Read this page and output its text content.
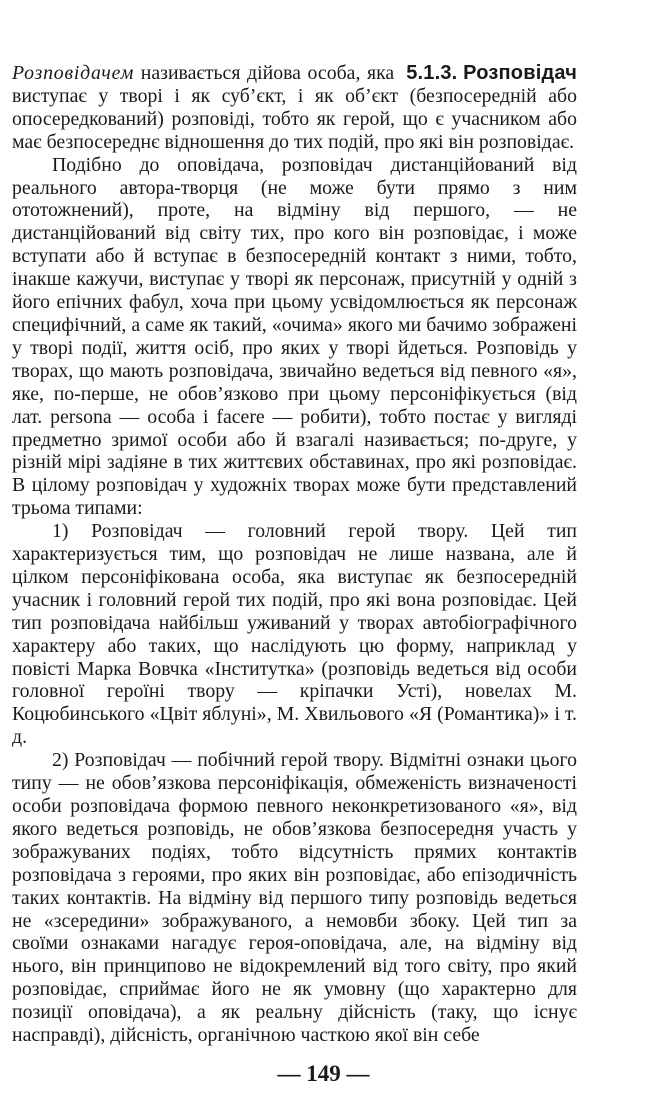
5.1.3. Розповідач

Розповідачем називається дійова особа, яка виступає у творі і як суб’єкт, і як об’єкт (безпосередній або опосередкований) розповіді, тобто як герой, що є учасником або має безпосереднє відношення до тих подій, про які він розповідає.

Подібно до оповідача, розповідач дистанційований від реального автора-творця (не може бути прямо з ним ототожнений), проте, на відміну від першого, — не дистанційований від світу тих, про кого він розповідає, і може вступати або й вступає в безпосередній контакт з ними, тобто, інакше кажучи, виступає у творі як персонаж, присутній у одній з його епічних фабул, хоча при цьому усвідомлюється як персонаж специфічний, а саме як такий, «очима» якого ми бачимо зображені у творі події, життя осіб, про яких у творі йдеться. Розповідь у творах, що мають розповідача, звичайно ведеться від певного «я», яке, по-перше, не обов’язково при цьому персоніфікується (від лат. persona — особа і facere — робити), тобто постає у вигляді предметно зримої особи або й взагалі називається; по-друге, у різній мірі задіяне в тих життєвих обставинах, про які розповідає. В цілому розповідач у художніх творах може бути представлений трьома типами:

1) Розповідач — головний герой твору. Цей тип характеризується тим, що розповідач не лише названа, але й цілком персоніфікована особа, яка виступає як безпосередній учасник і головний герой тих подій, про які вона розповідає. Цей тип розповідача найбільш уживаний у творах автобіографічного характеру або таких, що наслідують цю форму, наприклад у повісті Марка Вовчка «Інститутка» (розповідь ведеться від особи головної героїні твору — кріпачки Усті), новелах М. Коцюбинського «Цвіт яблуні», М. Хвильового «Я (Романтика)» і т. д.

2) Розповідач — побічний герой твору. Відмітні ознаки цього типу — не обов’язкова персоніфікація, обмеженість визначеності особи розповідача формою певного неконкретизованого «я», від якого ведеться розповідь, не обов’язкова безпосередня участь у зображуваних подіях, тобто відсутність прямих контактів розповідача з героями, про яких він розповідає, або епізодичність таких контактів. На відміну від першого типу розповідь ведеться не «зсередини» зображуваного, а немовби збоку. Цей тип за своїми ознаками нагадує героя-оповідача, але, на відміну від нього, він принципово не відокремлений від того світу, про який розповідає, сприймає його не як умовну (що характерно для позиції оповідача), а як реальну дійсність (таку, що існує насправді), дійсність, органічною часткою якої він себе

— 149 —
